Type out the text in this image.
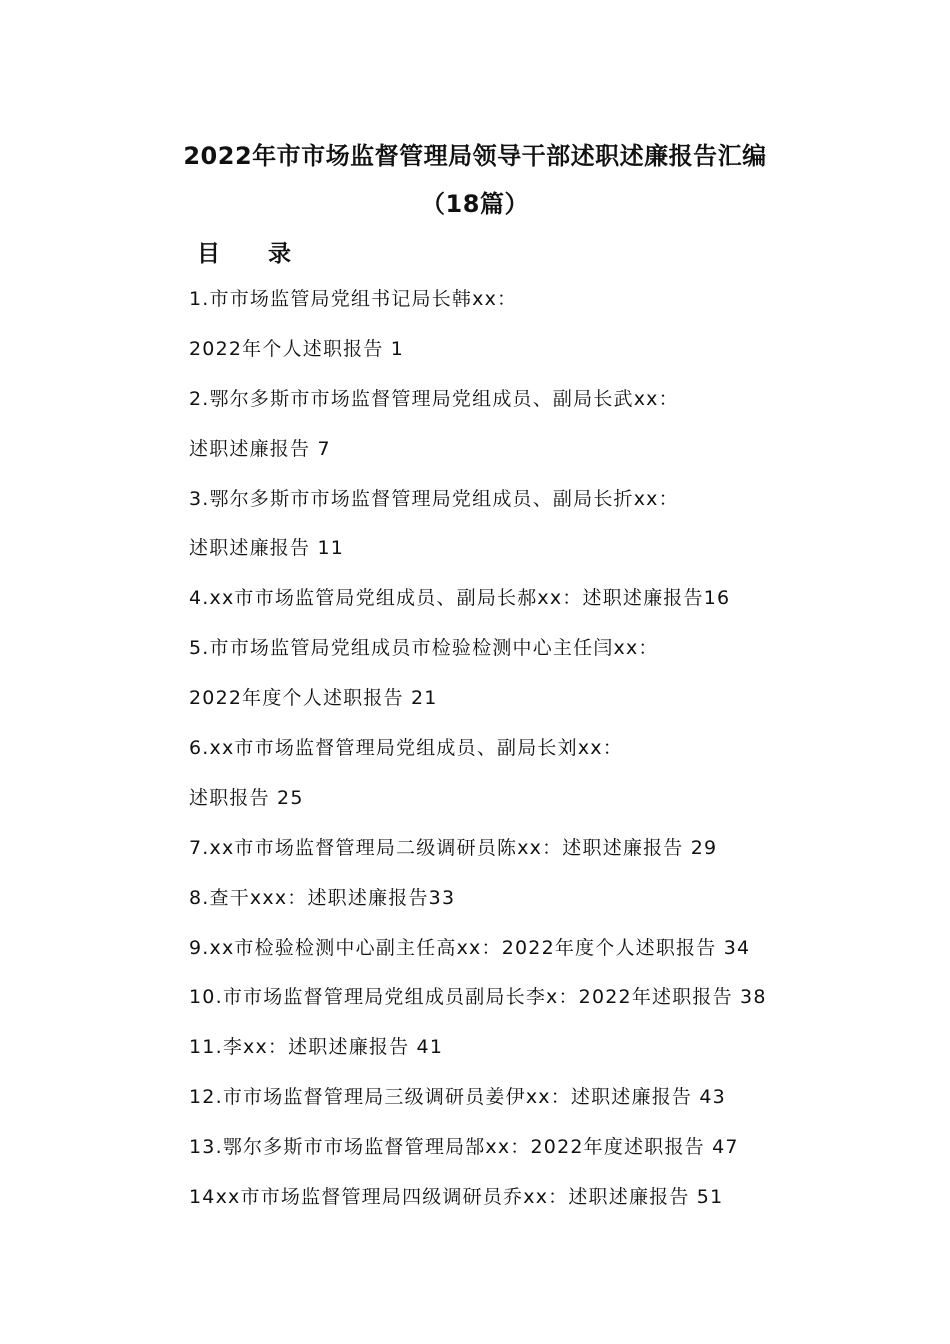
2022年市市场监督管理局领导干部述职述廉报告汇编
（18篇）
目 录
1.市市场监管局党组书记局长韩xx：
2022年个人述职报告 1
2.鄂尔多斯市市场监督管理局党组成员、副局长武xx：
述职述廉报告 7
3.鄂尔多斯市市场监督管理局党组成员、副局长折xx：
述职述廉报告 11
4.xx市市场监管局党组成员、副局长郝xx：述职述廉报告16
5.市市场监管局党组成员市检验检测中心主任闫xx：
2022年度个人述职报告 21
6.xx市市场监督管理局党组成员、副局长刘xx：
述职报告 25
7.xx市市场监督管理局二级调研员陈xx：述职述廉报告 29
8.查干xxx：述职述廉报告33
9.xx市检验检测中心副主任高xx：2022年度个人述职报告 34
10.市市场监督管理局党组成员副局长李x：2022年述职报告 38
11.李xx：述职述廉报告 41
12.市市场监督管理局三级调研员姜伊xx：述职述廉报告 43
13.鄂尔多斯市市场监督管理局郜xx：2022年度述职报告 47
14xx市市场监督管理局四级调研员乔xx：述职述廉报告 51
